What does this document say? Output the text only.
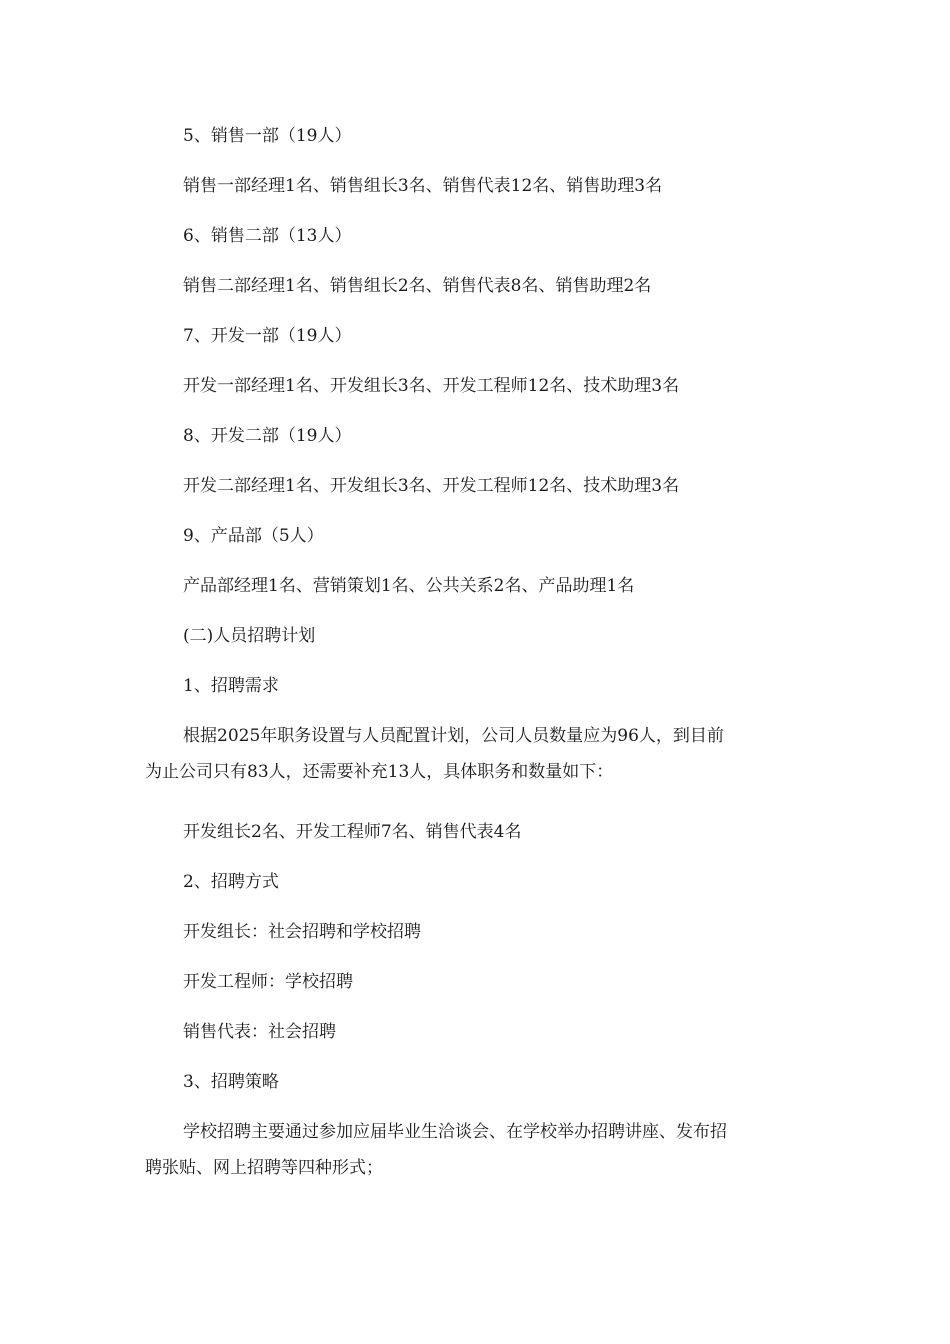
5、销售一部（19人）
销售一部经理1名、销售组长3名、销售代表12名、销售助理3名
6、销售二部（13人）
销售二部经理1名、销售组长2名、销售代表8名、销售助理2名
7、开发一部（19人）
开发一部经理1名、开发组长3名、开发工程师12名、技术助理3名
8、开发二部（19人）
开发二部经理1名、开发组长3名、开发工程师12名、技术助理3名
9、产品部（5人）
产品部经理1名、营销策划1名、公共关系2名、产品助理1名
(二)人员招聘计划
1、招聘需求
根据2025年职务设置与人员配置计划，公司人员数量应为96人，到目前
为止公司只有83人，还需要补充13人，具体职务和数量如下：
开发组长2名、开发工程师7名、销售代表4名
2、招聘方式
开发组长：社会招聘和学校招聘
开发工程师：学校招聘
销售代表：社会招聘
3、招聘策略
学校招聘主要通过参加应届毕业生洽谈会、在学校举办招聘讲座、发布招
聘张贴、网上招聘等四种形式；
